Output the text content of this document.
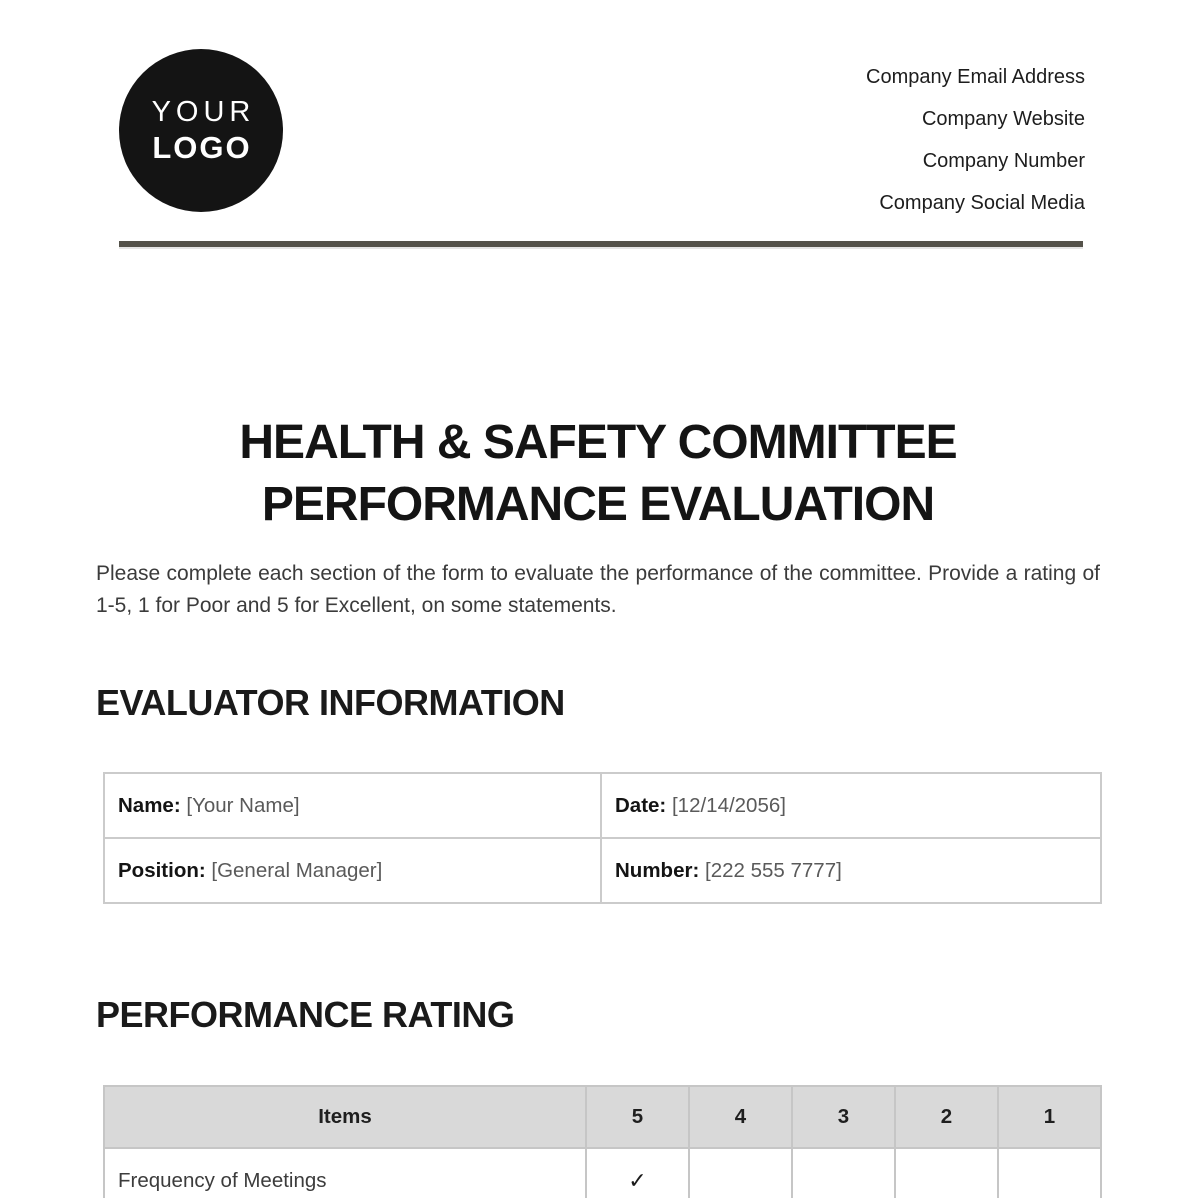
YOUR
LOGO
Company Email Address
Company Website
Company Number
Company Social Media
HEALTH & SAFETY COMMITTEE
PERFORMANCE EVALUATION
Please complete each section of the form to evaluate the performance of the committee. Provide a rating of 1-5, 1 for Poor and 5 for Excellent, on some statements.
EVALUATOR INFORMATION
Name: [Your Name]	Date: [12/14/2056]
Position: [General Manager]	Number: [222 555 7777]
PERFORMANCE RATING
Items	5	4	3	2	1
Frequency of Meetings	✓				
